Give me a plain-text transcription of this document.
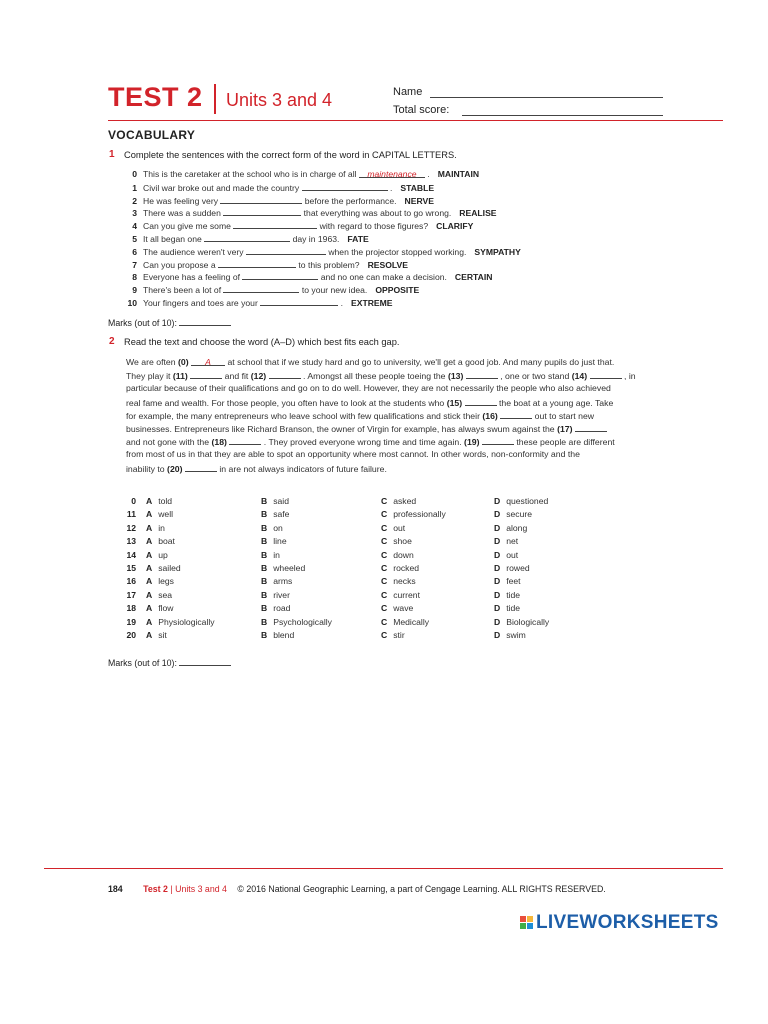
TEST 2 Units 3 and 4	Name
Total score:
VOCABULARY
1 Complete the sentences with the correct form of the word in CAPITAL LETTERS.
0 This is the caretaker at the school who is in charge of all maintenance . MAINTAIN
1 Civil war broke out and made the country	. STABLE
2 He was feeling very	before the performance. NERVE
3 There was a sudden	that everything was about to go wrong. REALISE
4 Can you give me some	with regard to those figures? CLARIFY
5 It all began one	day in 1963. FATE
6 The audience weren't very	when the projector stopped working. SYMPATHY
7 Can you propose a	to this problem? RESOLVE
8 Everyone has a feeling of	and no one can make a decision. CERTAIN
9 There's been a lot of	to your new idea. OPPOSITE
10 Your fingers and toes are your	. EXTREME
Marks (out of 10):
2 Read the text and choose the word (A–D) which best fits each gap.
We are often (0) A at school that if we study hard and go to university, we'll get a good job. And many pupils do just that.
They play it (11)	and fit (12)	. Amongst all these people toeing the (13)	, one or two stand (14)	, in
particular because of their qualifications and go on to do well. However, they are not necessarily the people who also achieved
real fame and wealth. For those people, you often have to look at the students who (15)	the boat at a young age. Take
for example, the many entrepreneurs who leave school with few qualifications and stick their (16)	out to start new
businesses. Entrepreneurs like Richard Branson, the owner of Virgin for example, has always swum against the (17)
and not gone with the (18)	. They proved everyone wrong time and time again. (19)	these people are different
from most of us in that they are able to spot an opportunity where most cannot. In other words, non-conformity and the
inability to (20)	in are not always indicators of future failure.
0 A told	B said	C asked	D questioned
11 A well	B safe	C professionally	D secure
12 A in	B on	C out	D along
13 A boat	B line	C shoe	D net
14 A up	B in	C down	D out
15 A sailed	B wheeled	C rocked	D rowed
16 A legs	B arms	C necks	D feet
17 A sea	B river	C current	D tide
18 A flow	B road	C wave	D tide
19 A Physiologically	B Psychologically	C Medically	D Biologically
20 A sit	B blend	C stir	D swim
Marks (out of 10):
184 Test 2 | Units 3 and 4 © 2016 National Geographic Learning, a part of Cengage Learning. ALL RIGHTS RESERVED.
LIVEWORKSHEETS
